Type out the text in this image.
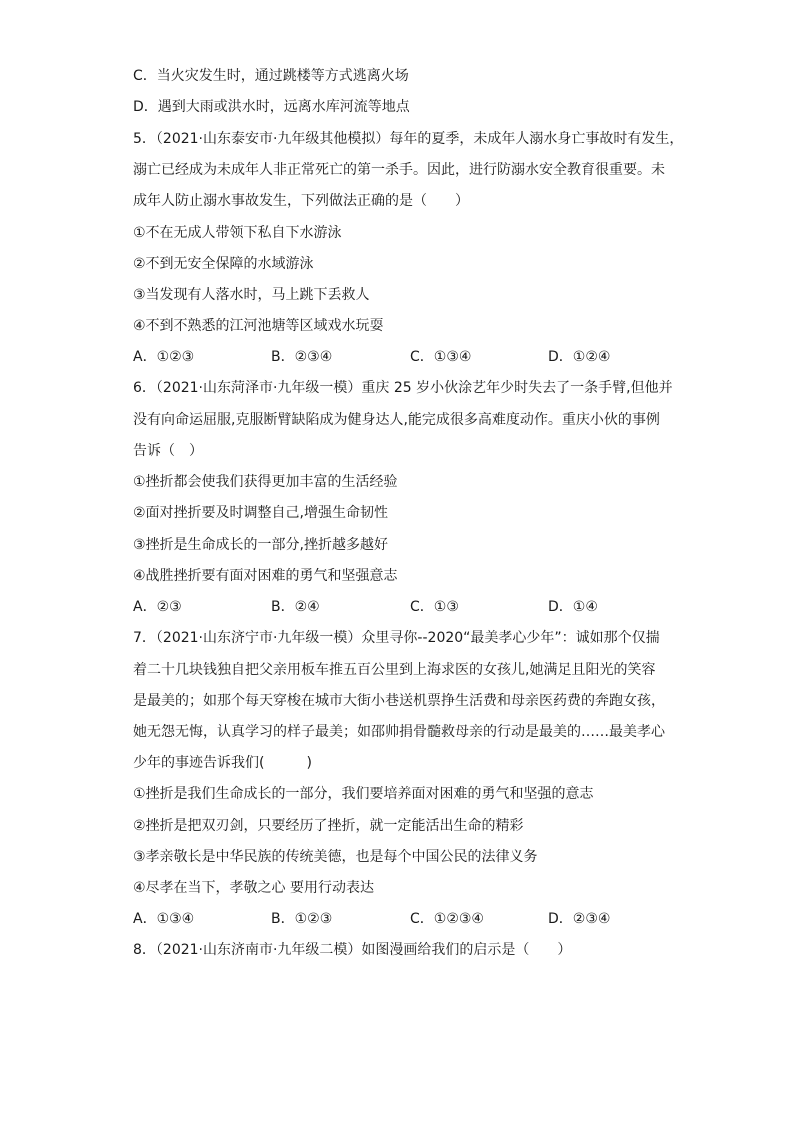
C．当火灾发生时，通过跳楼等方式逃离火场
D．遇到大雨或洪水时，远离水库河流等地点
5．（2021·山东泰安市·九年级其他模拟）每年的夏季，未成年人溺水身亡事故时有发生，
溺亡已经成为未成年人非正常死亡的第一杀手。因此，进行防溺水安全教育很重要。未
成年人防止溺水事故发生，下列做法正确的是（　　）
①不在无成人带领下私自下水游泳
②不到无安全保障的水域游泳
③当发现有人落水时，马上跳下丢救人
④不到不熟悉的江河池塘等区域戏水玩耍
A．①②③	B．②③④	C．①③④	D．①②④
6．（2021·山东菏泽市·九年级一模）重庆 25 岁小伙涂艺年少时失去了一条手臂,但他并
没有向命运屈服,克服断臂缺陷成为健身达人,能完成很多高难度动作。重庆小伙的事例
告诉（　）
①挫折都会使我们获得更加丰富的生活经验
②面对挫折要及时调整自己,增强生命韧性
③挫折是生命成长的一部分,挫折越多越好
④战胜挫折要有面对困难的勇气和坚强意志
A．②③	B．②④	C．①③	D．①④
7．（2021·山东济宁市·九年级一模）众里寻你--2020“最美孝心少年”：诚如那个仅揣
着二十几块钱独自把父亲用板车推五百公里到上海求医的女孩儿,她满足且阳光的笑容
是最美的；如那个每天穿梭在城市大街小巷送机票挣生活费和母亲医药费的奔跑女孩，
她无怨无悔，认真学习的样子最美；如邵帅捐骨髓救母亲的行动是最美的……最美孝心
少年的事迹告诉我们(　　　)
①挫折是我们生命成长的一部分，我们要培养面对困难的勇气和坚强的意志
②挫折是把双刃剑，只要经历了挫折，就一定能活出生命的精彩
③孝亲敬长是中华民族的传统美德，也是每个中国公民的法律义务
④尽孝在当下，孝敬之心 要用行动表达
A．①③④	B．①②③	C．①②③④	D．②③④
8．（2021·山东济南市·九年级二模）如图漫画给我们的启示是（　　）
